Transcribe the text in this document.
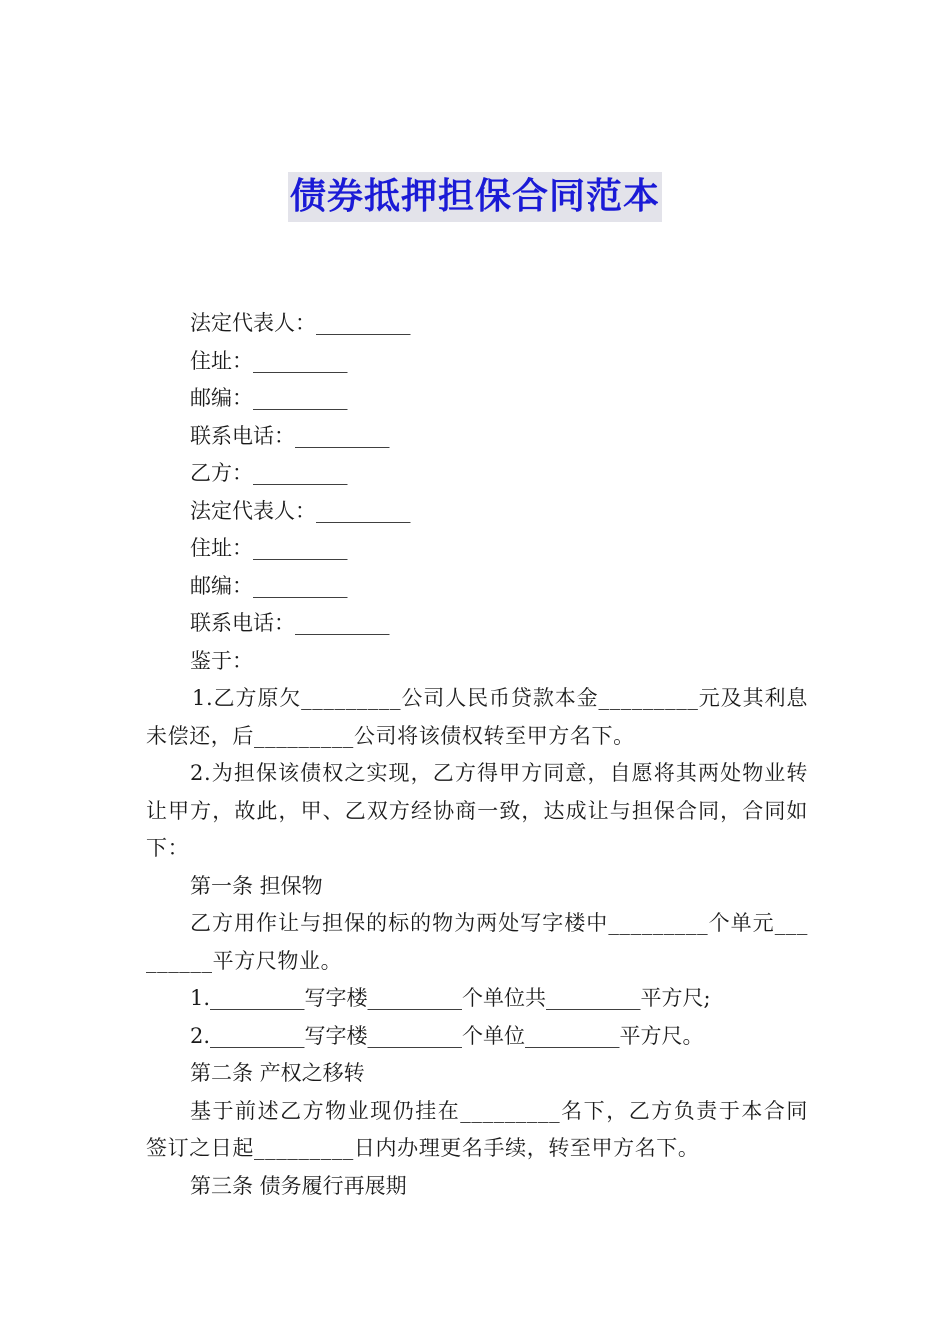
债券抵押担保合同范本
法定代表人：_________
住址：_________
邮编：_________
联系电话：_________
乙方：_________
法定代表人：_________
住址：_________
邮编：_________
联系电话：_________
鉴于：
1.乙方原欠_________公司人民币贷款本金_________元及其利息未偿还，后_________公司将该债权转至甲方名下。
2.为担保该债权之实现，乙方得甲方同意，自愿将其两处物业转让甲方，故此，甲、乙双方经协商一致，达成让与担保合同，合同如下：
第一条 担保物
乙方用作让与担保的标的物为两处写字楼中_________个单元_________平方尺物业。
1._________写字楼_________个单位共_________平方尺;
2._________写字楼_________个单位_________平方尺。
第二条 产权之移转
基于前述乙方物业现仍挂在_________名下，乙方负责于本合同签订之日起_________日内办理更名手续，转至甲方名下。
第三条 债务履行再展期
